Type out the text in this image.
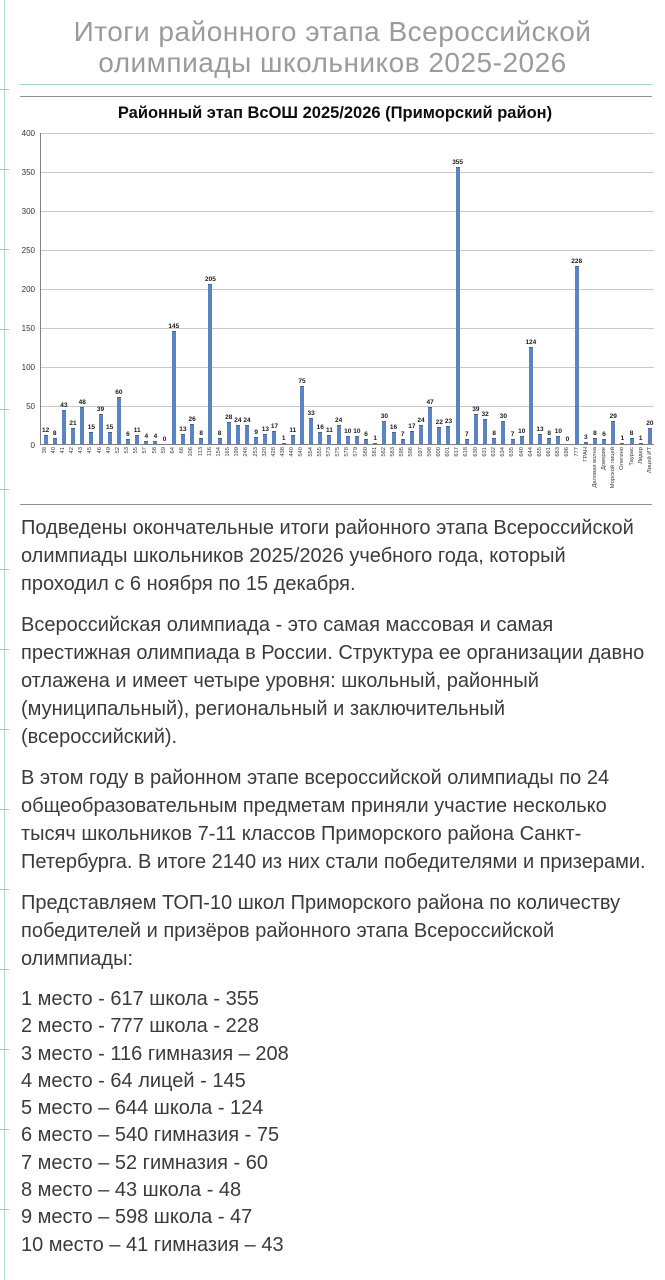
Итоги районного этапа Всероссийской
олимпиады школьников 2025-2026
Районный этап ВсОШ 2025/2026 (Приморский район)
0
50
100
150
200
250
300
350
400
12 8
43
21
48
15
39
15
60
6
11
4 4 0
145
13
26
8
205
8
28 24 24
9 13 17
1
11
75
33
16
11
24
10 10 6
1
30
16
7
17
24
47
22 23
355
7
39
32
8
30
7 10
124
13
8 10
0
228
3
8 6
29
1
8
1
20
38 40 41 42 43 45 46 49 52 53 55 57 58 59 64 66 106 113 116 154 165 199 246 253 320 428 438 440 540 554 555 573 575 578 579 580 581 582 583 595 596 597 598 600 601 617 618 630 631 632 634 635 640 644 655 661 683 696 777 ГРАН Деловая волна Доверие Морской лицей Олегино Таурас Лидер Лицей ИТ

Подведены окончательные итоги районного этапа Всероссийской олимпиады школьников 2025/2026 учебного года, который проходил с 6 ноября по 15 декабря.

Всероссийская олимпиада - это самая массовая и самая престижная олимпиада в России. Структура ее организации давно отлажена и имеет четыре уровня: школьный, районный (муниципальный), региональный и заключительный (всероссийский).

В этом году в районном этапе всероссийской олимпиады по 24 общеобразовательным предметам приняли участие несколько тысяч школьников 7-11 классов Приморского района Санкт-Петербурга. В итоге 2140 из них стали победителями и призерами.

Представляем ТОП-10 школ Приморского района по количеству победителей и призёров районного этапа Всероссийской олимпиады:

1 место - 617 школа - 355
2 место - 777 школа - 228
3 место - 116 гимназия – 208
4 место - 64 лицей - 145
5 место – 644 школа - 124
6 место – 540 гимназия - 75
7 место – 52 гимназия - 60
8 место – 43 школа - 48
9 место – 598 школа - 47
10 место – 41 гимназия – 43
